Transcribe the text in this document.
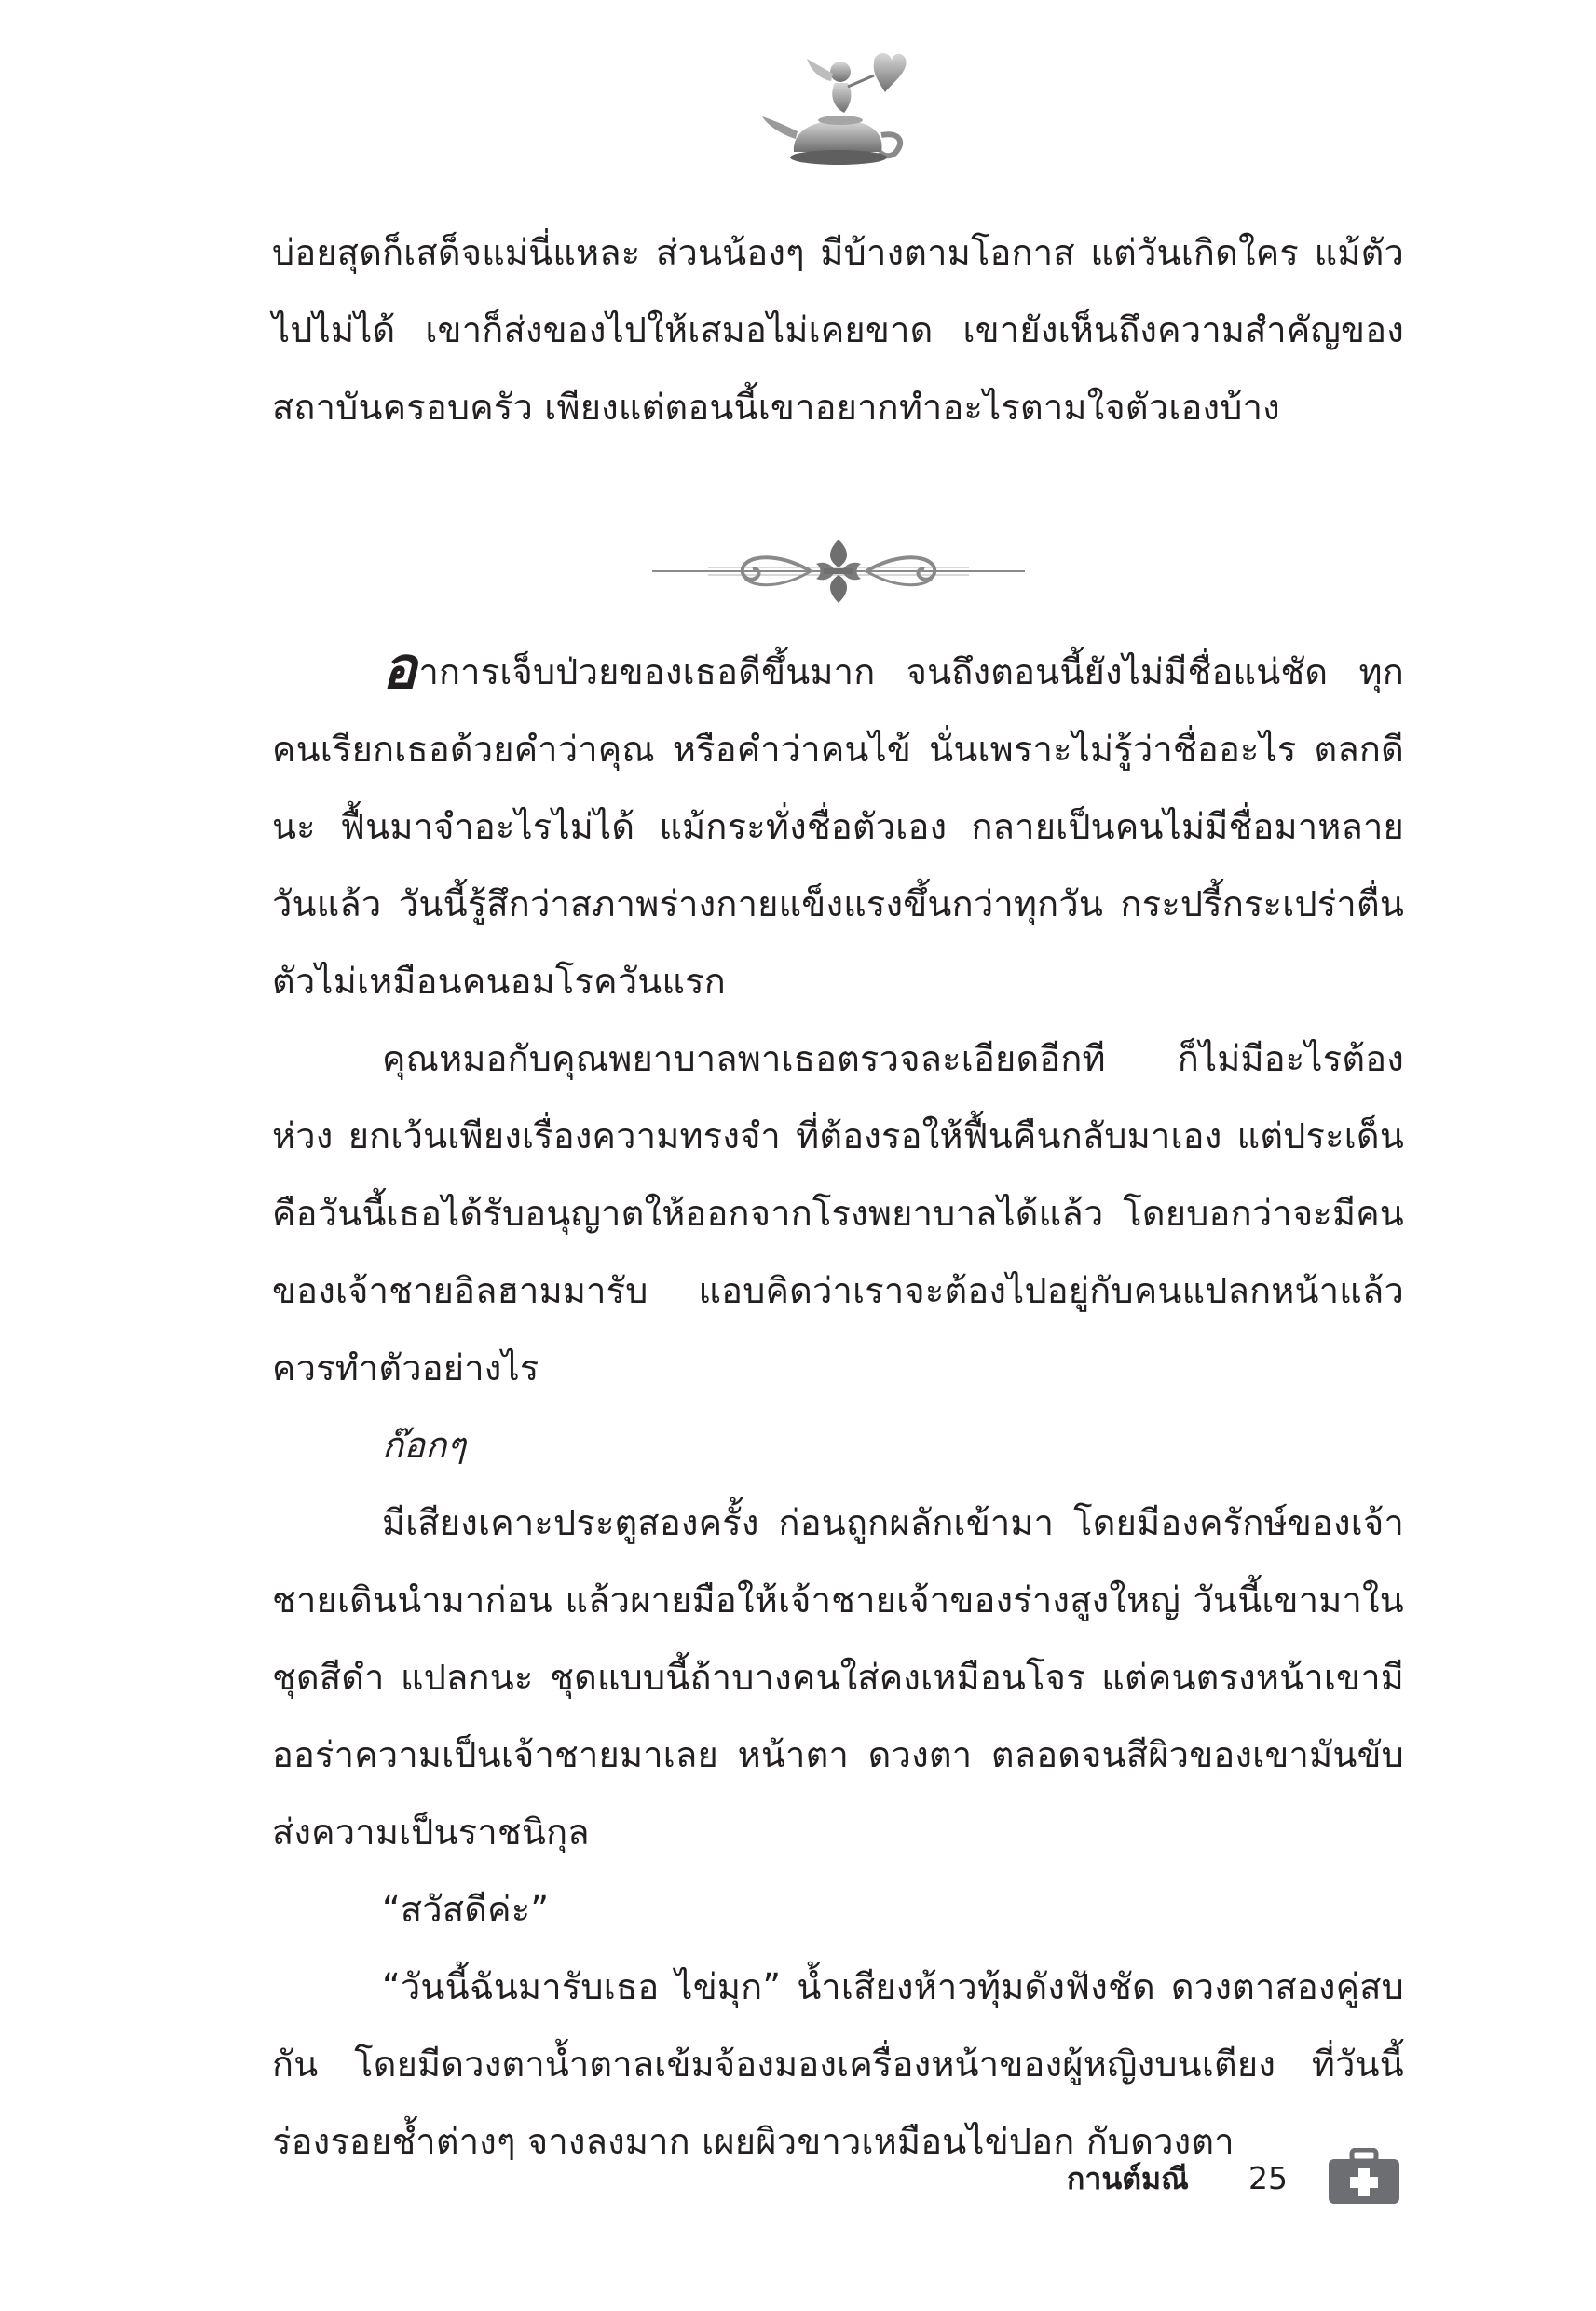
บ่อยสุดก็เสด็จแม่นี่แหละ ส่วนน้องๆ มีบ้างตามโอกาส แต่วันเกิดใคร แม้ตัวไปไม่ได้ เขาก็ส่งของไปให้เสมอไม่เคยขาด เขายังเห็นถึงความสำคัญของสถาบันครอบครัว เพียงแต่ตอนนี้เขาอยากทำอะไรตามใจตัวเองบ้าง

อาการเจ็บป่วยของเธอดีขึ้นมาก จนถึงตอนนี้ยังไม่มีชื่อแน่ชัด ทุกคนเรียกเธอด้วยคำว่าคุณ หรือคำว่าคนไข้ นั่นเพราะไม่รู้ว่าชื่ออะไร ตลกดีนะ ฟื้นมาจำอะไรไม่ได้ แม้กระทั่งชื่อตัวเอง กลายเป็นคนไม่มีชื่อมาหลายวันแล้ว วันนี้รู้สึกว่าสภาพร่างกายแข็งแรงขึ้นกว่าทุกวัน กระปรี้กระเปร่าตื่นตัวไม่เหมือนคนอมโรควันแรก

คุณหมอกับคุณพยาบาลพาเธอตรวจละเอียดอีกที ก็ไม่มีอะไรต้องห่วง ยกเว้นเพียงเรื่องความทรงจำ ที่ต้องรอให้ฟื้นคืนกลับมาเอง แต่ประเด็นคือวันนี้เธอได้รับอนุญาตให้ออกจากโรงพยาบาลได้แล้ว โดยบอกว่าจะมีคนของเจ้าชายอิลฮามมารับ แอบคิดว่าเราจะต้องไปอยู่กับคนแปลกหน้าแล้วควรทำตัวอย่างไร

ก๊อกๆ

มีเสียงเคาะประตูสองครั้ง ก่อนถูกผลักเข้ามา โดยมีองครักษ์ของเจ้าชายเดินนำมาก่อน แล้วผายมือให้เจ้าชายเจ้าของร่างสูงใหญ่ วันนี้เขามาในชุดสีดำ แปลกนะ ชุดแบบนี้ถ้าบางคนใส่คงเหมือนโจร แต่คนตรงหน้าเขามีออร่าความเป็นเจ้าชายมาเลย หน้าตา ดวงตา ตลอดจนสีผิวของเขามันขับส่งความเป็นราชนิกุล

“สวัสดีค่ะ”

“วันนี้ฉันมารับเธอ ไข่มุก” น้ำเสียงห้าวทุ้มดังฟังชัด ดวงตาสองคู่สบกัน โดยมีดวงตาน้ำตาลเข้มจ้องมองเครื่องหน้าของผู้หญิงบนเตียง ที่วันนี้ร่องรอยช้ำต่างๆ จางลงมาก เผยผิวขาวเหมือนไข่ปอก กับดวงตา

กานต์มณี 25
